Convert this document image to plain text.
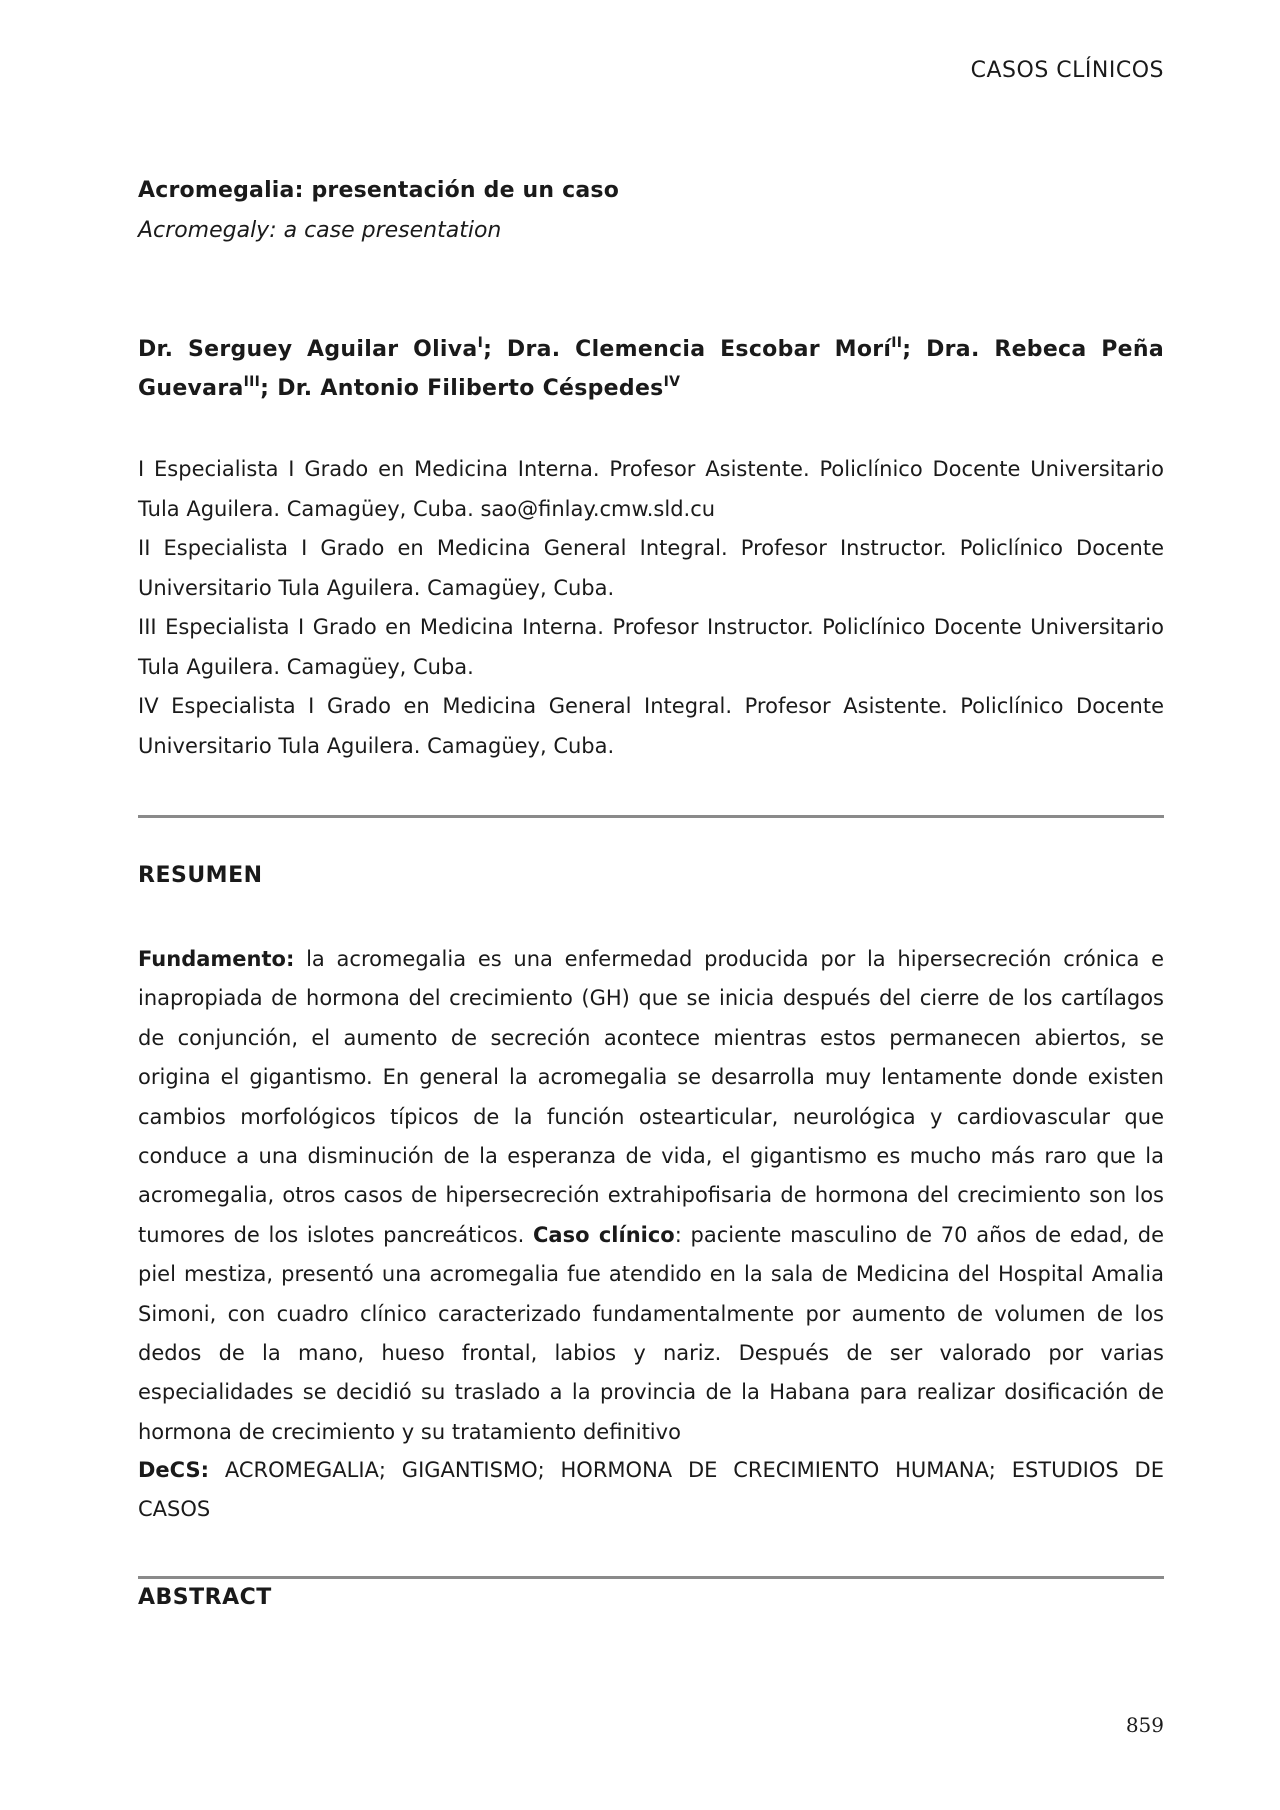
CASOS CLÍNICOS
Acromegalia: presentación de un caso
Acromegaly: a case presentation
Dr. Serguey Aguilar Oliva$^I$; Dra. Clemencia Escobar Morí$^{II}$; Dra. Rebeca Peña Guevara$^{III}$; Dr. Antonio Filiberto Céspedes$^{IV}$
I Especialista I Grado en Medicina Interna. Profesor Asistente. Policlínico Docente Universitario Tula Aguilera. Camagüey, Cuba. sao@finlay.cmw.sld.cu
II Especialista I Grado en Medicina General Integral. Profesor Instructor. Policlínico Docente Universitario Tula Aguilera. Camagüey, Cuba.
III Especialista I Grado en Medicina Interna. Profesor Instructor. Policlínico Docente Universitario Tula Aguilera. Camagüey, Cuba.
IV Especialista I Grado en Medicina General Integral. Profesor Asistente. Policlínico Docente Universitario Tula Aguilera. Camagüey, Cuba.
RESUMEN
Fundamento: la acromegalia es una enfermedad producida por la hipersecreción crónica e inapropiada de hormona del crecimiento (GH) que se inicia después del cierre de los cartílagos de conjunción, el aumento de secreción acontece mientras estos permanecen abiertos, se origina el gigantismo. En general la acromegalia se desarrolla muy lentamente donde existen cambios morfológicos típicos de la función ostearticular, neurológica y cardiovascular que conduce a una disminución de la esperanza de vida, el gigantismo es mucho más raro que la acromegalia, otros casos de hipersecreción extrahipofisaria de hormona del crecimiento son los tumores de los islotes pancreáticos. Caso clínico: paciente masculino de 70 años de edad, de piel mestiza, presentó una acromegalia fue atendido en la sala de Medicina del Hospital Amalia Simoni, con cuadro clínico caracterizado fundamentalmente por aumento de volumen de los dedos de la mano, hueso frontal, labios y nariz. Después de ser valorado por varias especialidades se decidió su traslado a la provincia de la Habana para realizar dosificación de hormona de crecimiento y su tratamiento definitivo
DeCS: ACROMEGALIA; GIGANTISMO; HORMONA DE CRECIMIENTO HUMANA; ESTUDIOS DE CASOS
ABSTRACT
859
